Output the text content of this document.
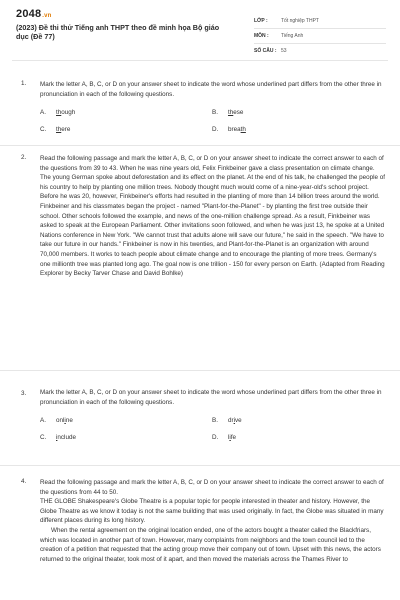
2048.vn
(2023) Đề thi thử Tiếng anh THPT theo đề minh họa Bộ giáo dục (Đề 77)
LỚP :	Tốt nghiệp THPT
MÔN :	Tiếng Anh
SỐ CÂU : 53
1. Mark the letter A, B, C, or D on your answer sheet to indicate the word whose underlined part differs from the other three in pronunciation in each of the following questions.
A.	though	B.	these
C.	there	D.	breath
2. Read the following passage and mark the letter A, B, C, or D on your answer sheet to indicate the correct answer to each of the questions from 39 to 43. When he was nine years old, Felix Finkbeiner gave a class presentation on climate change. The young German spoke about deforestation and its effect on the planet. At the end of his talk, he challenged the people of his country to help by planting one million trees. Nobody thought much would come of a nine-year-old's school project. Before he was 20, however, Finkbeiner's efforts had resulted in the planting of more than 14 billion trees around the world. Finkbeiner and his classmates began the project - named "Plant-for-the-Planet" - by planting the first tree outside their school. Other schools followed the example, and news of the one-million challenge spread. As a result, Finkbeiner was asked to speak at the European Parliament. Other invitations soon followed, and when he was just 13, he spoke at a United Nations conference in New York. "We cannot trust that adults alone will save our future," he said in the speech. "We have to take our future in our hands." Finkbeiner is now in his twenties, and Plant-for-the-Planet is an organization with around 70,000 members. It works to teach people about climate change and to encourage the planting of more trees. Germany's one millionth tree was planted long ago. The goal now is one trillion - 150 for every person on Earth. (Adapted from Reading Explorer by Becky Tarver Chase and David Bohlke)
3. Mark the letter A, B, C, or D on your answer sheet to indicate the word whose underlined part differs from the other three in pronunciation in each of the following questions.
A.	online	B.	drive
C.	include	D.	life
4. Read the following passage and mark the letter A, B, C, or D on your answer sheet to indicate the correct answer to each of the questions from 44 to 50.

THE GLOBE Shakespeare's Globe Theatre is a popular topic for people interested in theater and history. However, the Globe Theatre as we know it today is not the same building that was used originally. In fact, the Globe was situated in many different places during its long history.

When the rental agreement on the original location ended, one of the actors bought a theater called the Blackfriars, which was located in another part of town. However, many complaints from neighbors and the town council led to the creation of a petition that requested that the acting group move their company out of town. Upset with this news, the actors returned to the original theater, took most of it apart, and then moved the materials across the Thames River to
